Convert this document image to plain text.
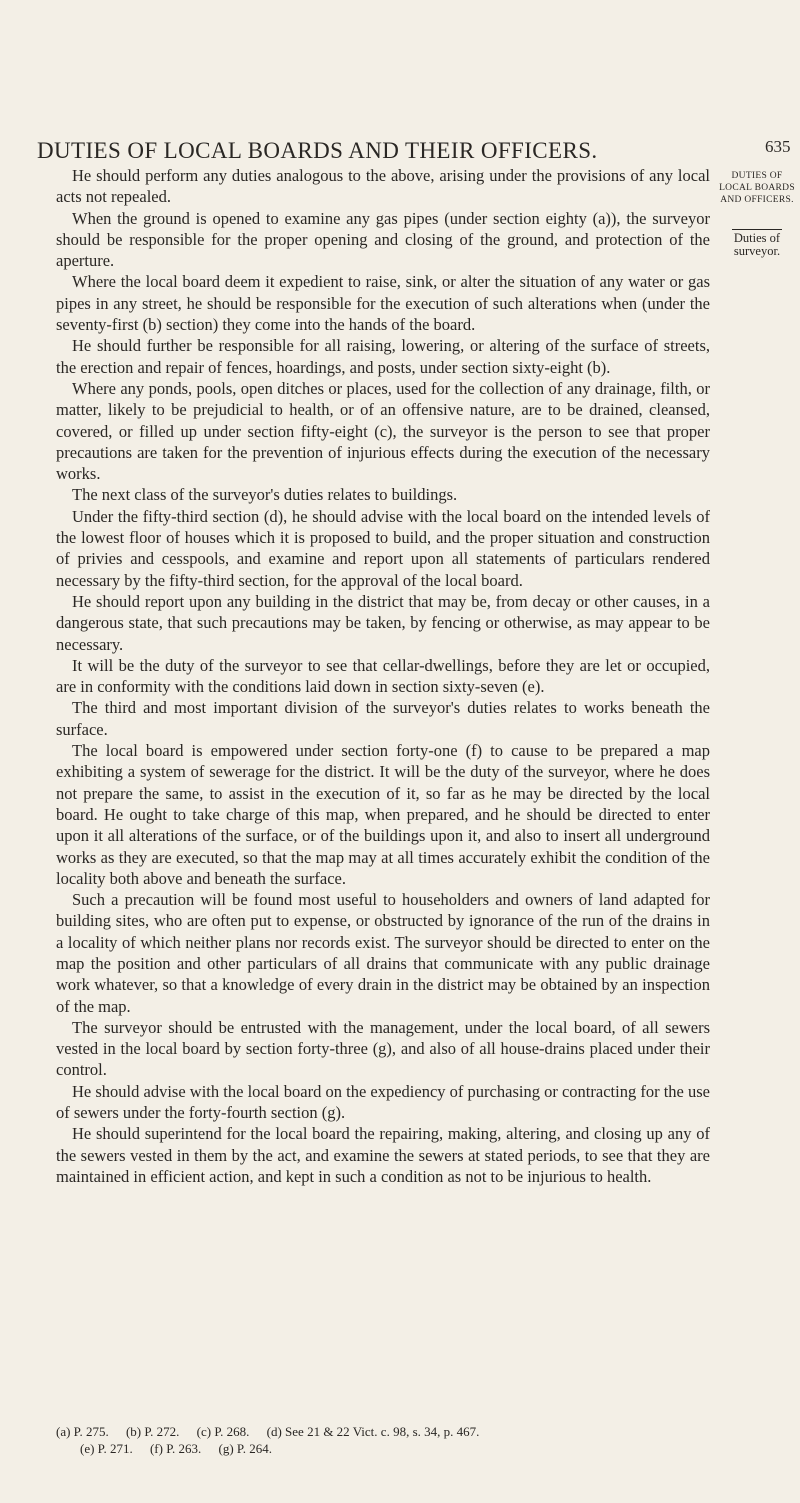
DUTIES OF LOCAL BOARDS AND THEIR OFFICERS.	635
DUTIES OF LOCAL BOARDS AND OFFICERS.
Duties of surveyor.

He should perform any duties analogous to the above, arising under the provisions of any local acts not repealed.

When the ground is opened to examine any gas pipes (under section eighty (a)), the surveyor should be responsible for the proper opening and closing of the ground, and protection of the aperture.

Where the local board deem it expedient to raise, sink, or alter the situation of any water or gas pipes in any street, he should be responsible for the execution of such alterations when (under the seventy-first (b) section) they come into the hands of the board.

He should further be responsible for all raising, lowering, or altering of the surface of streets, the erection and repair of fences, hoardings, and posts, under section sixty-eight (b).

Where any ponds, pools, open ditches or places, used for the collection of any drainage, filth, or matter, likely to be prejudicial to health, or of an offensive nature, are to be drained, cleansed, covered, or filled up under section fifty-eight (c), the surveyor is the person to see that proper precautions are taken for the prevention of injurious effects during the execution of the necessary works.

The next class of the surveyor's duties relates to buildings.

Under the fifty-third section (d), he should advise with the local board on the intended levels of the lowest floor of houses which it is proposed to build, and the proper situation and construction of privies and cesspools, and examine and report upon all statements of particulars rendered necessary by the fifty-third section, for the approval of the local board.

He should report upon any building in the district that may be, from decay or other causes, in a dangerous state, that such precautions may be taken, by fencing or otherwise, as may appear to be necessary.

It will be the duty of the surveyor to see that cellar-dwellings, before they are let or occupied, are in conformity with the conditions laid down in section sixty-seven (e).

The third and most important division of the surveyor's duties relates to works beneath the surface.

The local board is empowered under section forty-one (f) to cause to be prepared a map exhibiting a system of sewerage for the district. It will be the duty of the surveyor, where he does not prepare the same, to assist in the execution of it, so far as he may be directed by the local board. He ought to take charge of this map, when prepared, and he should be directed to enter upon it all alterations of the surface, or of the buildings upon it, and also to insert all underground works as they are executed, so that the map may at all times accurately exhibit the condition of the locality both above and beneath the surface.

Such a precaution will be found most useful to householders and owners of land adapted for building sites, who are often put to expense, or obstructed by ignorance of the run of the drains in a locality of which neither plans nor records exist. The surveyor should be directed to enter on the map the position and other particulars of all drains that communicate with any public drainage work whatever, so that a knowledge of every drain in the district may be obtained by an inspection of the map.

The surveyor should be entrusted with the management, under the local board, of all sewers vested in the local board by section forty-three (g), and also of all house-drains placed under their control.

He should advise with the local board on the expediency of purchasing or contracting for the use of sewers under the forty-fourth section (g).

He should superintend for the local board the repairing, making, altering, and closing up any of the sewers vested in them by the act, and examine the sewers at stated periods, to see that they are maintained in efficient action, and kept in such a condition as not to be injurious to health.

(a) P. 275. (b) P. 272. (c) P. 268. (d) See 21 & 22 Vict. c. 98, s. 34, p. 467.
(e) P. 271. (f) P. 263. (g) P. 264.
